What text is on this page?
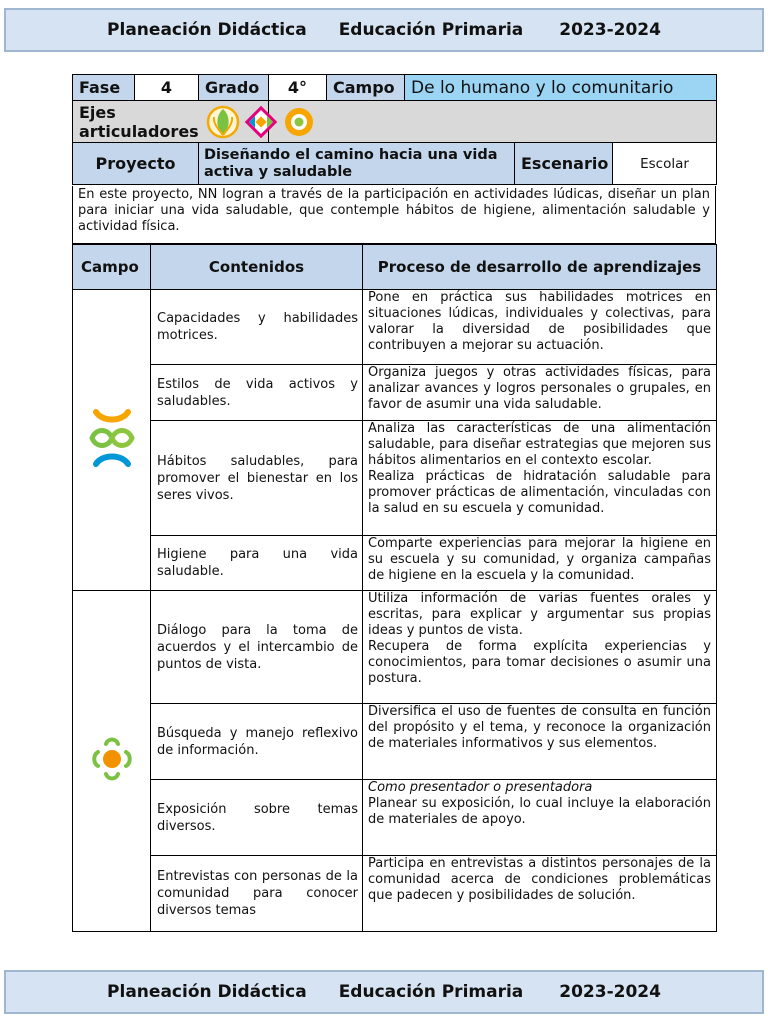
Planeación Didáctica Educación Primaria 2023-2024
Fase	4	Grado	4°	Campo	De lo humano y lo comunitario		

Ejes articuladores							

Proyecto		Diseñando el camino hacia una vida activa y saludable				Escenario	Escolar
En este proyecto, NN logran a través de la participación en actividades lúdicas, diseñar un plan para iniciar una vida saludable, que contemple hábitos de higiene, alimentación saludable y actividad física.
Campo	Contenidos	Proceso de desarrollo de aprendizajes
	Capacidades y habilidades motrices.	Pone en práctica sus habilidades motrices en situaciones lúdicas, individuales y colectivas, para valorar la diversidad de posibilidades que contribuyen a mejorar su actuación.

	Estilos de vida activos y saludables.	Organiza juegos y otras actividades físicas, para analizar avances y logros personales o grupales, en favor de asumir una vida saludable.

	Hábitos saludables, para promover el bienestar en los seres vivos.	Analiza las características de una alimentación saludable, para diseñar estrategias que mejoren sus hábitos alimentarios en el contexto escolar.

Realiza prácticas de hidratación saludable para promover prácticas de alimentación, vinculadas con la salud en su escuela y comunidad.

	Higiene para una vida saludable.	Comparte experiencias para mejorar la higiene en su escuela y su comunidad, y organiza campañas de higiene en la escuela y la comunidad.

	Diálogo para la toma de acuerdos y el intercambio de puntos de vista.	Utiliza información de varias fuentes orales y escritas, para explicar y argumentar sus propias ideas y puntos de vista.

Recupera de forma explícita experiencias y conocimientos, para tomar decisiones o asumir una postura.

	Búsqueda y manejo reflexivo de información.	Diversifica el uso de fuentes de consulta en función del propósito y el tema, y reconoce la organización de materiales informativos y sus elementos.

	Exposición sobre temas diversos.	Como presentador o presentadora

Planear su exposición, lo cual incluye la elaboración de materiales de apoyo.

	Entrevistas con personas de la comunidad para conocer diversos temas	Participa en entrevistas a distintos personajes de la comunidad acerca de condiciones problemáticas que padecen y posibilidades de solución.

Planeación Didáctica Educación Primaria 2023-2024
